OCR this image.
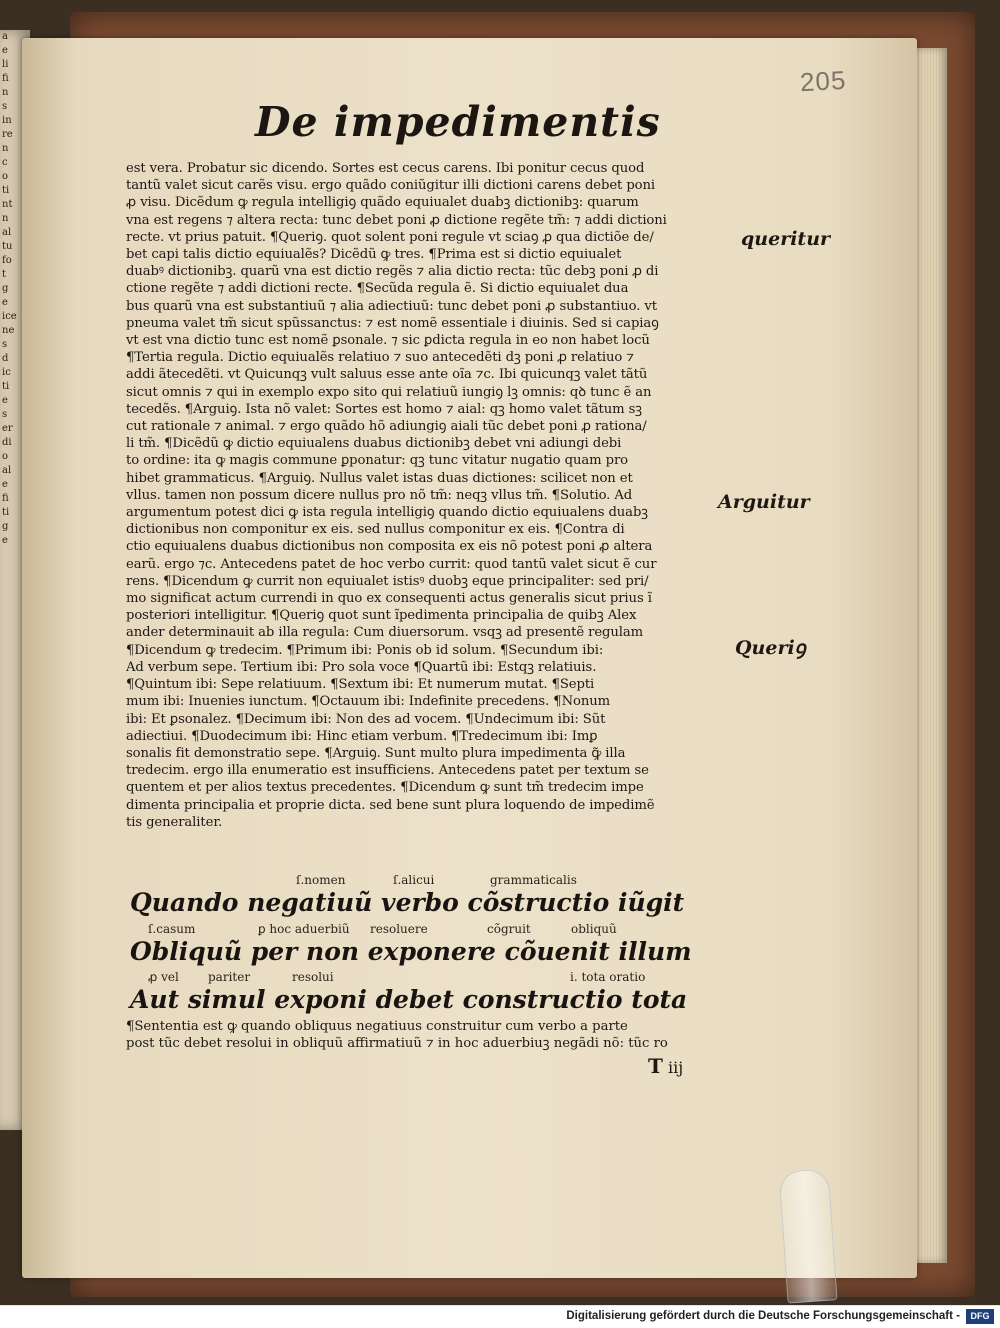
a
e
li
fi
n
s
in
re
n
c
o
ti
nt
n
al
tu
fo
t
g
e
ice
ne
s
d
ic
ti
e
s
er
di
o
al
e
fi
ti
g
e
205
De impedimentis
est vera. Probatur sic dicendo. Sortes est cecus carens. Ibi ponitur cecus quod
tantũ valet sicut carẽs visu. ergo quãdo coniũgitur illi dictioni carens debet poni
ꝓ visu. Dicẽdum ꝙ regula intelligiꝯ quãdo equiualet duabꝫ dictionibꝫ: quarum
vna est regens ⁊ altera recta: tunc debet poni ꝓ dictione regẽte tm̃: ⁊ addi dictioni
recte. vt prius patuit. ¶Queriꝯ. quot solent poni regule vt sciaꝯ ꝓ qua dictiõe de/
bet capi talis dictio equiualẽs? Dicẽdũ ꝙ tres. ¶Prima est si dictio equiualet
duabꝰ dictionibꝫ. quarũ vna est dictio regẽs ⁊ alia dictio recta: tũc debꝫ poni ꝓ di
ctione regẽte ⁊ addi dictioni recte. ¶Secũda regula ẽ. Si dictio equiualet dua
bus quarũ vna est substantiuũ ⁊ alia adiectiuũ: tunc debet poni ꝓ substantiuo. vt
pneuma valet tm̃ sicut spũssanctus: ⁊ est nomẽ essentiale i diuinis. Sed si capiaꝯ
vt est vna dictio tunc est nomẽ ꝑsonale. ⁊ sic ꝑdicta regula in eo non habet locũ
¶Tertia regula. Dictio equiualẽs relatiuo ⁊ suo antecedẽti dꝫ poni ꝓ relatiuo ⁊
addi ãtecedẽti. vt Quicunqꝫ vult saluus esse ante oĩa ⁊c. Ibi quicunqꝫ valet tãtũ
sicut omnis ⁊ qui in exemplo expo sito qui relatiuũ iungiꝯ lꝫ omnis: qꝺ tunc ẽ an
tecedẽs. ¶Arguiꝯ. Ista nõ valet: Sortes est homo ⁊ aial: qꝫ homo valet tãtum sꝫ
cut rationale ⁊ animal. ⁊ ergo quãdo hõ adiungiꝯ aiali tũc debet poni ꝓ rationa/
li tm̃. ¶Dicẽdũ ꝙ dictio equiualens duabus dictionibꝫ debet vni adiungi debi
to ordine: ita ꝙ magis commune ꝑponatur: qꝫ tunc vitatur nugatio quam pro
hibet grammaticus. ¶Arguiꝯ. Nullus valet istas duas dictiones: scilicet non et
vllus. tamen non possum dicere nullus pro nõ tm̃: neqꝫ vllus tm̃. ¶Solutio. Ad
argumentum potest dici ꝙ ista regula intelligiꝯ quando dictio equiualens duabꝫ
dictionibus non componitur ex eis. sed nullus componitur ex eis. ¶Contra di
ctio equiualens duabus dictionibus non composita ex eis nõ potest poni ꝓ altera
earũ. ergo ⁊c. Antecedens patet de hoc verbo currit: quod tantũ valet sicut ẽ cur
rens. ¶Dicendum ꝙ currit non equiualet istisꝰ duobꝫ eque principaliter: sed pri/
mo significat actum currendi in quo ex consequenti actus generalis sicut prius ĩ
posteriori intelligitur. ¶Queriꝯ quot sunt ĩpedimenta principalia de quibꝫ Alex
ander determinauit ab illa regula: Cum diuersorum. vsqꝫ ad presentẽ regulam
¶Dicendum ꝙ tredecim. ¶Primum ibi: Ponis ob id solum. ¶Secundum ibi:
Ad verbum sepe. Tertium ibi: Pro sola voce ¶Quartũ ibi: Estqꝫ relatiuis.
¶Quintum ibi: Sepe relatiuum. ¶Sextum ibi: Et numerum mutat. ¶Septi
mum ibi: Inuenies iunctum. ¶Octauum ibi: Indefinite precedens. ¶Nonum
ibi: Et ꝑsonalez. ¶Decimum ibi: Non des ad vocem. ¶Undecimum ibi: Sũt
adiectiui. ¶Duodecimum ibi: Hinc etiam verbum. ¶Tredecimum ibi: Imꝑ
sonalis fit demonstratio sepe. ¶Arguiꝯ. Sunt multo plura impedimenta ꝙ̃ illa
tredecim. ergo illa enumeratio est insufficiens. Antecedens patet per textum se
quentem et per alios textus precedentes. ¶Dicendum ꝙ sunt tm̃ tredecim impe
dimenta principalia et proprie dicta. sed bene sunt plura loquendo de impedimẽ
tis generaliter.
queritur
Arguitur
Queriꝯ
ſ.nomen	ſ.alicui	grammaticalis
Quando negatiuũ verbo cõstructio iũgit
ſ.casum	ꝑ hoc aduerbiũ resoluere	cõgruit	obliquũ
Obliquũ per non exponere cõuenit illum
ꝓ vel pariter	resolui	i. tota oratio
Aut simul exponi debet constructio tota
¶Sententia est ꝙ quando obliquus negatiuus construitur cum verbo a parte
post tũc debet resolui in obliquũ affirmatiuũ ⁊ in hoc aduerbiuꝫ negãdi nõ: tũc ro
T iij
Digitalisierung gefördert durch die Deutsche Forschungsgemeinschaft -	DFG
